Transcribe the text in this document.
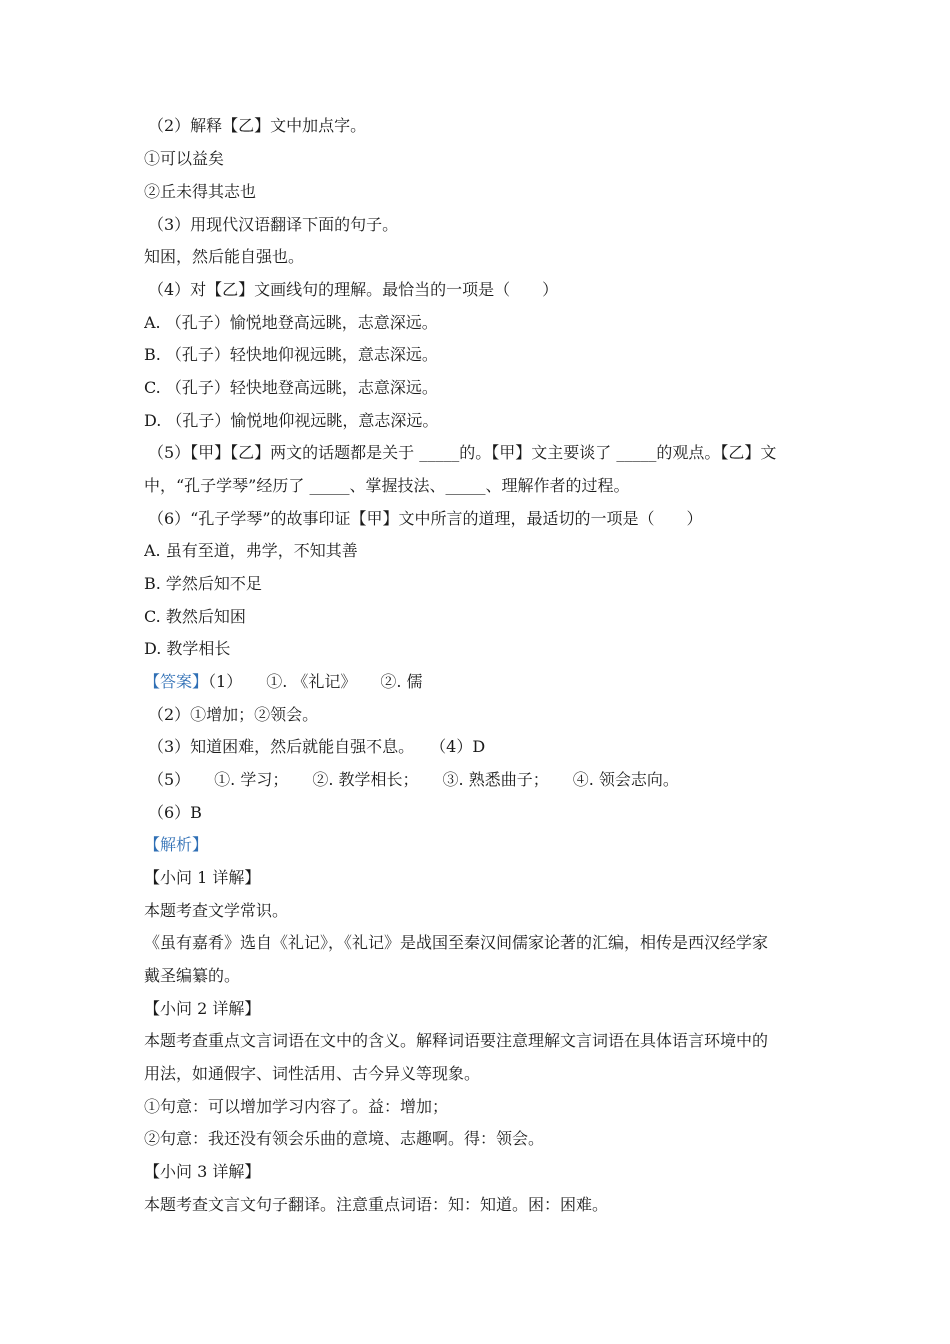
（2）解释【乙】文中加点字。
①可以益矣
②丘未得其志也
（3）用现代汉语翻译下面的句子。
知困，然后能自强也。
（4）对【乙】文画线句的理解。最恰当的一项是（　　）
A. （孔子）愉悦地登高远眺，志意深远。
B. （孔子）轻快地仰视远眺，意志深远。
C. （孔子）轻快地登高远眺，志意深远。
D. （孔子）愉悦地仰视远眺，意志深远。
（5）【甲】【乙】两文的话题都是关于 _____的。【甲】文主要谈了 _____的观点。【乙】文
中，“孔子学琴”经历了 _____、掌握技法、_____、理解作者的过程。
（6）“孔子学琴”的故事印证【甲】文中所言的道理，最适切的一项是（　　）
A. 虽有至道，弗学，不知其善
B. 学然后知不足
C. 教然后知困
D. 教学相长
【答案】（1）　　①. 《礼记》　　②. 儒
（2）①增加；②领会。
（3）知道困难，然后就能自强不息。　　（4）D
（5）　　①. 学习；　　②. 教学相长；　　③. 熟悉曲子；　　④. 领会志向。
（6）B
【解析】
【小问 1 详解】
本题考查文学常识。
《虽有嘉肴》选自《礼记》，《礼记》是战国至秦汉间儒家论著的汇编，相传是西汉经学家
戴圣编纂的。
【小问 2 详解】
本题考查重点文言词语在文中的含义。解释词语要注意理解文言词语在具体语言环境中的
用法，如通假字、词性活用、古今异义等现象。
①句意：可以增加学习内容了。益：增加；
②句意：我还没有领会乐曲的意境、志趣啊。得：领会。
【小问 3 详解】
本题考查文言文句子翻译。注意重点词语：知：知道。困：困难。
